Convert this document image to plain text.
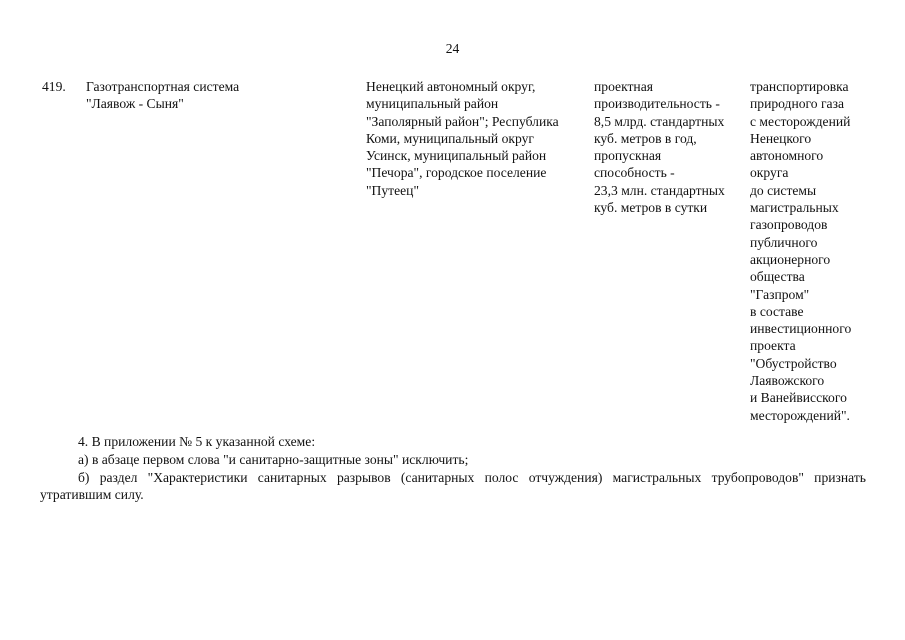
24
419.	Газотранспортная система
"Лаявож - Сыня"
Ненецкий автономный округ,
муниципальный район
"Заполярный район"; Республика
Коми, муниципальный округ
Усинск, муниципальный район
"Печора", городское поселение
"Путеец"
проектная
производительность -
8,5 млрд. стандартных
куб. метров в год,
пропускная
способность -
23,3 млн. стандартных
куб. метров в сутки
транспортировка
природного газа
с месторождений
Ненецкого
автономного
округа
до системы
магистральных
газопроводов
публичного
акционерного
общества
"Газпром"
в составе
инвестиционного
проекта
"Обустройство
Лаявожского
и Ванейвисского
месторождений".
4. В приложении № 5 к указанной схеме:
а) в абзаце первом слова "и санитарно-защитные зоны" исключить;
б) раздел "Характеристики санитарных разрывов (санитарных полос отчуждения) магистральных трубопроводов" признать утратившим силу.
